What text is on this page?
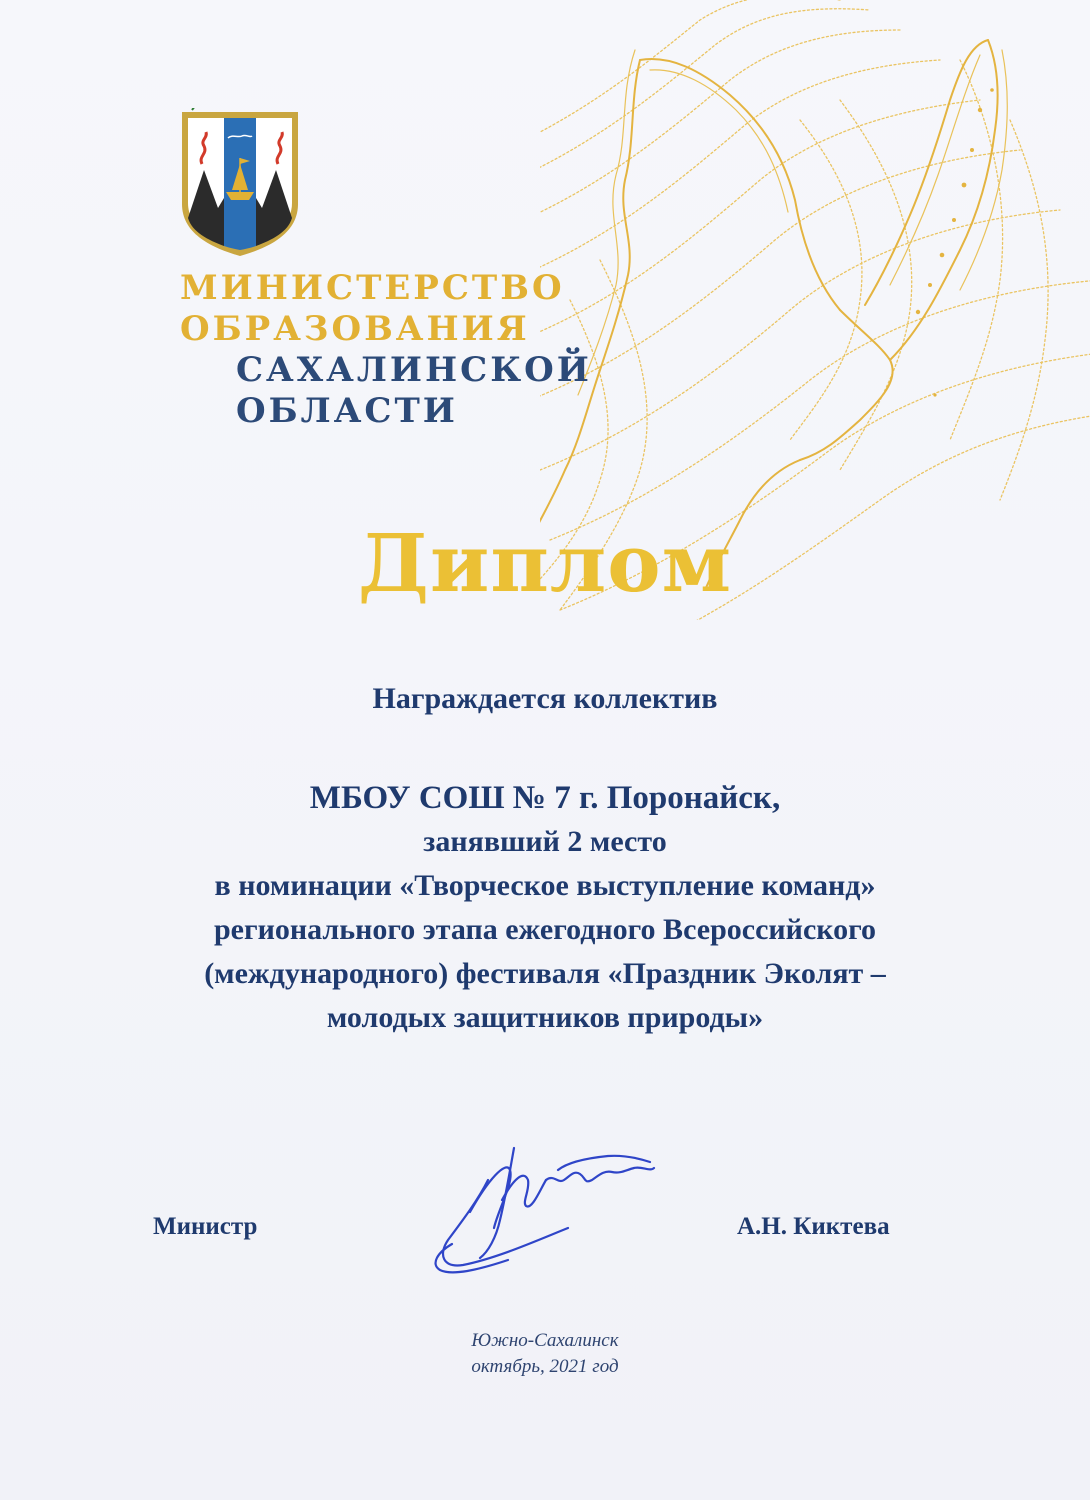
МИНИСТЕРСТВО
ОБРАЗОВАНИЯ
САХАЛИНСКОЙ
ОБЛАСТИ
Диплом
Награждается коллектив
МБОУ СОШ № 7 г. Поронайск,
занявший 2 место
в номинации «Творческое выступление команд»
регионального этапа ежегодного Всероссийского
(международного) фестиваля «Праздник Эколят –
молодых защитников природы»
Министр	А.Н. Киктева
Южно-Сахалинск
октябрь, 2021 год
